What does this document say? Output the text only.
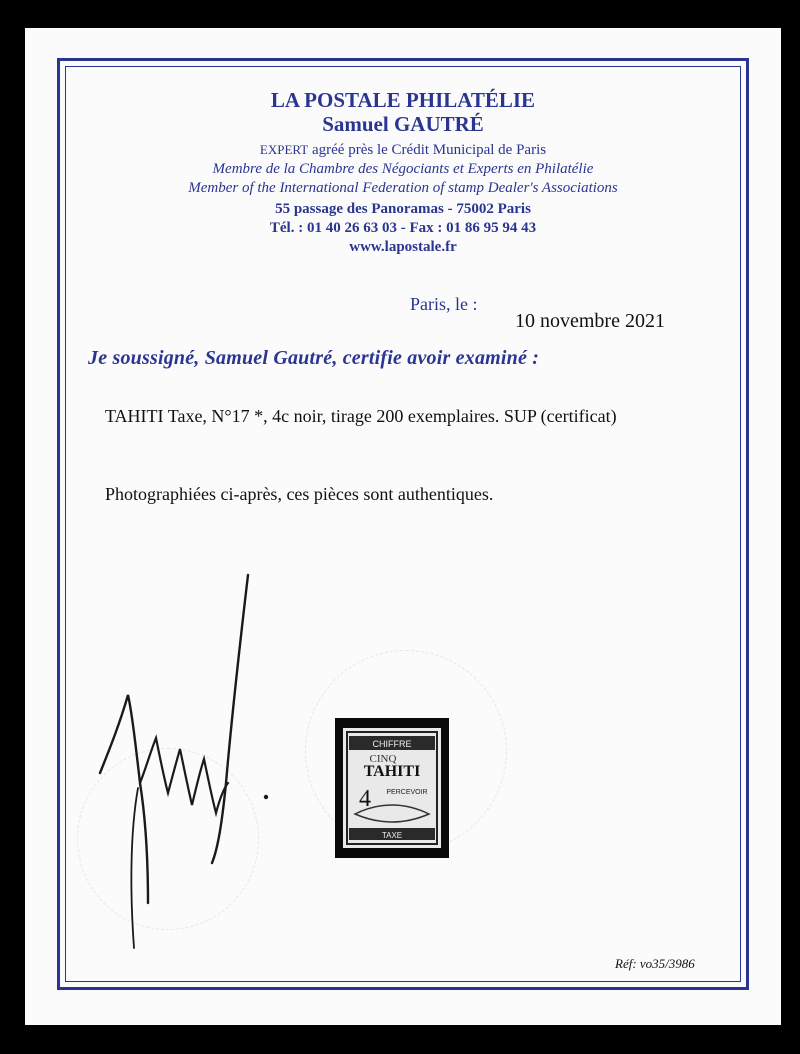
LA POSTALE PHILATÉLIE
Samuel GAUTRÉ
EXPERT agréé près le Crédit Municipal de Paris
Membre de la Chambre des Négociants et Experts en Philatélie
Member of the International Federation of stamp Dealer's Associations
55 passage des Panoramas - 75002 Paris
Tél. : 01 40 26 63 03 - Fax : 01 86 95 94 43
www.lapostale.fr
Paris, le :
10 novembre 2021
Je soussigné, Samuel Gautré, certifie avoir examiné :
TAHITI Taxe, N°17 *, 4c noir, tirage 200 exemplaires. SUP (certificat)
Photographiées ci-après, ces pièces sont authentiques.
CHIFFRE
CINQ
TAHITI
4 PERCEVOIR
TAXE
Réf: vo35/3986
